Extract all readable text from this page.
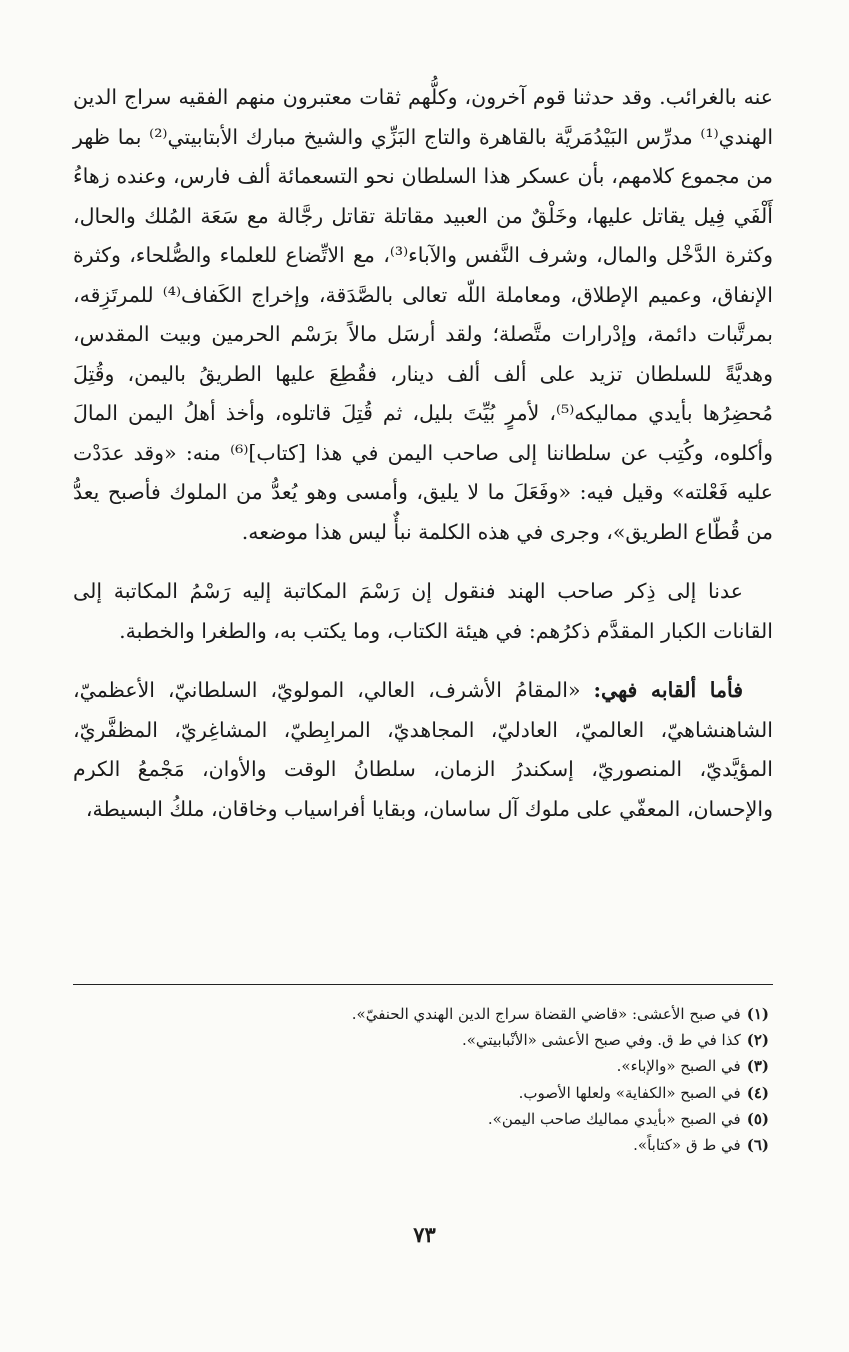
عنه بالغرائب. وقد حدثنا قوم آخرون، وكلُّهم ثقات معتبرون منهم الفقيه سراج الدين الهندي⁽¹⁾ مدرِّس البَيْدُمَريَّة بالقاهرة والتاج البَزِّي والشيخ مبارك الأبتابيتي⁽²⁾ بما ظهر من مجموع كلامهم، بأن عسكر هذا السلطان نحو التسعمائة ألف فارس، وعنده زهاءُ أَلْفَي فِيل يقاتل عليها، وخَلْقٌ من العبيد مقاتلة تقاتل رجَّالة مع سَعَة المُلك والحال، وكثرة الدَّخْل والمال، وشرف النَّفس والآباء⁽³⁾، مع الاتِّضاع للعلماء والصُّلحاء، وكثرة الإنفاق، وعميم الإطلاق، ومعاملة اللّه تعالى بالصَّدَقة، وإخراج الكَفاف⁽⁴⁾ للمرتَزِقه، بمرتَّبات دائمة، وإدْرارات متَّصلة؛ ولقد أرسَل مالاً برَسْم الحرمين وبيت المقدس، وهديَّةً للسلطان تزيد على ألف ألف دينار، فقُطِعَ عليها الطريقُ باليمن، وقُتِلَ مُحضِرُها بأيدي مماليكه⁽⁵⁾، لأمرٍ بُيِّتَ بليل، ثم قُتِلَ قاتلوه، وأخذ أهلُ اليمن المالَ وأكلوه، وكُتِب عن سلطاننا إلى صاحب اليمن في هذا [كتاب]⁽⁶⁾ منه: «وقد عدَدْت عليه فَعْلته» وقيل فيه: «وفَعَلَ ما لا يليق، وأمسى وهو يُعدُّ من الملوك فأصبح يعدُّ من قُطّاع الطريق»، وجرى في هذه الكلمة نبأٌ ليس هذا موضعه.

عدنا إلى ذِكر صاحب الهند فنقول إن رَسْمَ المكاتبة إليه رَسْمُ المكاتبة إلى القانات الكبار المقدَّم ذكرُهم: في هيئة الكتاب، وما يكتب به، والطغرا والخطبة.

فأما ألقابه فهي: «المقامُ الأشرف، العالي، المولويّ، السلطانيّ، الأعظميّ، الشاهنشاهيّ، العالميّ، العادليّ، المجاهديّ، المرابِطيّ، المشاغِريّ، المظفَّريّ، المؤيَّديّ، المنصوريّ، إسكندرُ الزمان، سلطانُ الوقت والأوان، مَجْمعُ الكرم والإحسان، المعفّي على ملوك آل ساسان، وبقايا أفراسياب وخاقان، ملكُ البسيطة،

(١)في صبح الأعشى: «قاضي القضاة سراج الدين الهندي الحنفيّ».
(٢)كذا في ط ق. وفي صبح الأعشى «الأنْبابيتي».
(٣)في الصبح «والإباء».
(٤)في الصبح «الكفاية» ولعلها الأصوب.
(٥)في الصبح «بأيدي مماليك صاحب اليمن».
(٦)في ط ق «كتاباً».
٧٣
